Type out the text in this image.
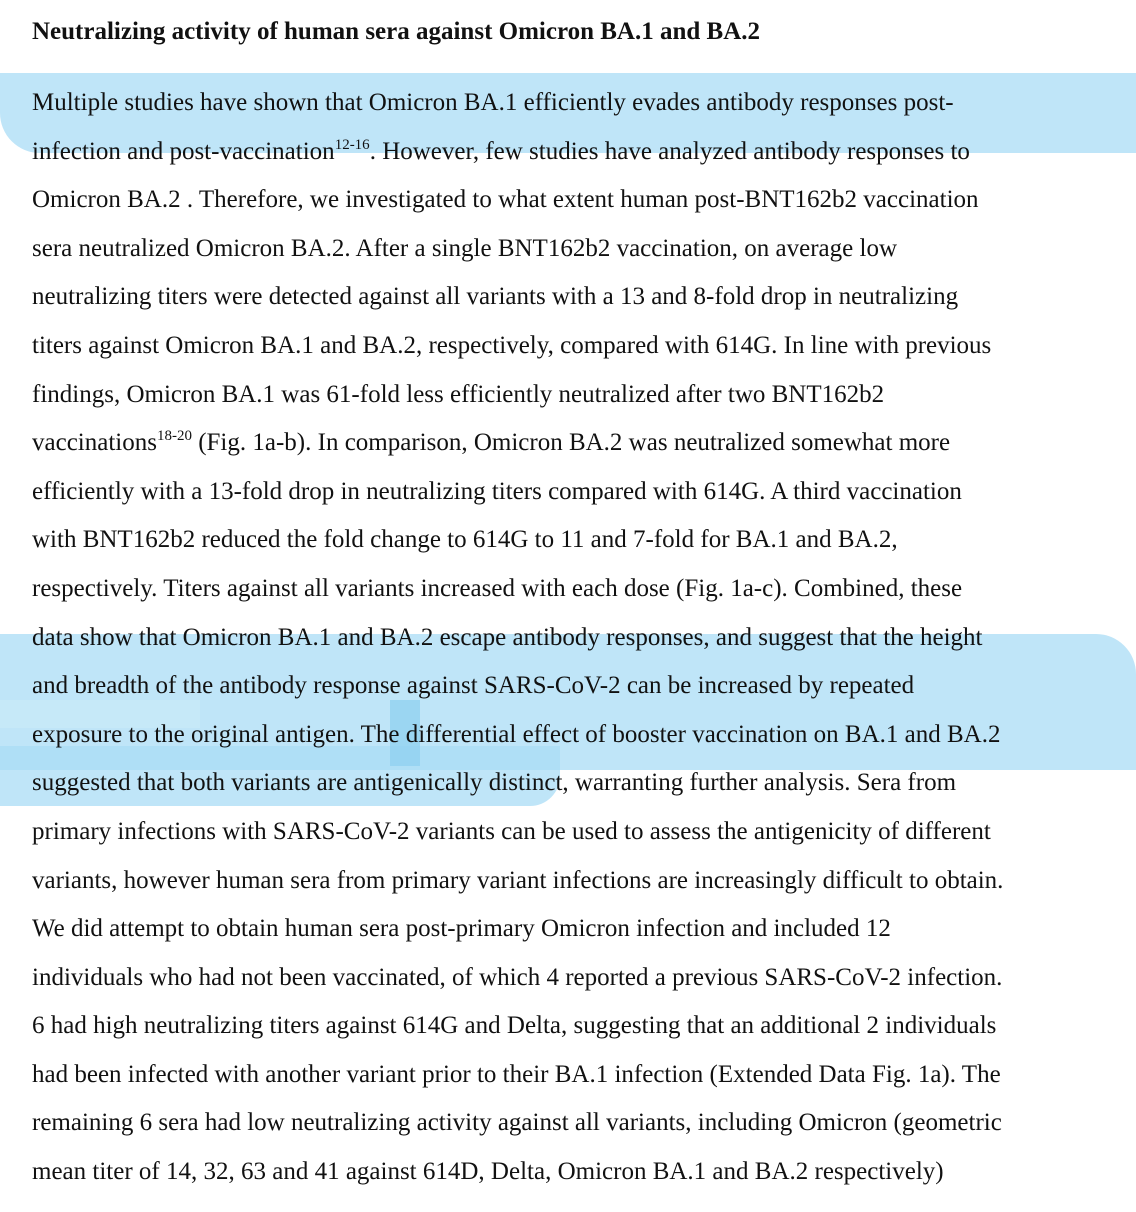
Neutralizing activity of human sera against Omicron BA.1 and BA.2
Multiple studies have shown that Omicron BA.1 efficiently evades antibody responses post-
infection and post-vaccination$^{12-16}$. However, few studies have analyzed antibody responses to
Omicron BA.2 . Therefore, we investigated to what extent human post-BNT162b2 vaccination
sera neutralized Omicron BA.2. After a single BNT162b2 vaccination, on average low
neutralizing titers were detected against all variants with a 13 and 8-fold drop in neutralizing
titers against Omicron BA.1 and BA.2, respectively, compared with 614G. In line with previous
findings, Omicron BA.1 was 61-fold less efficiently neutralized after two BNT162b2
vaccinations$^{18-20}$ (Fig. 1a-b). In comparison, Omicron BA.2 was neutralized somewhat more
efficiently with a 13-fold drop in neutralizing titers compared with 614G. A third vaccination
with BNT162b2 reduced the fold change to 614G to 11 and 7-fold for BA.1 and BA.2,
respectively. Titers against all variants increased with each dose (Fig. 1a-c). Combined, these
data show that Omicron BA.1 and BA.2 escape antibody responses, and suggest that the height
and breadth of the antibody response against SARS-CoV-2 can be increased by repeated
exposure to the original antigen. The differential effect of booster vaccination on BA.1 and BA.2
suggested that both variants are antigenically distinct, warranting further analysis. Sera from
primary infections with SARS-CoV-2 variants can be used to assess the antigenicity of different
variants, however human sera from primary variant infections are increasingly difficult to obtain.
We did attempt to obtain human sera post-primary Omicron infection and included 12
individuals who had not been vaccinated, of which 4 reported a previous SARS-CoV-2 infection.
6 had high neutralizing titers against 614G and Delta, suggesting that an additional 2 individuals
had been infected with another variant prior to their BA.1 infection (Extended Data Fig. 1a). The
remaining 6 sera had low neutralizing activity against all variants, including Omicron (geometric
mean titer of 14, 32, 63 and 41 against 614D, Delta, Omicron BA.1 and BA.2 respectively)
